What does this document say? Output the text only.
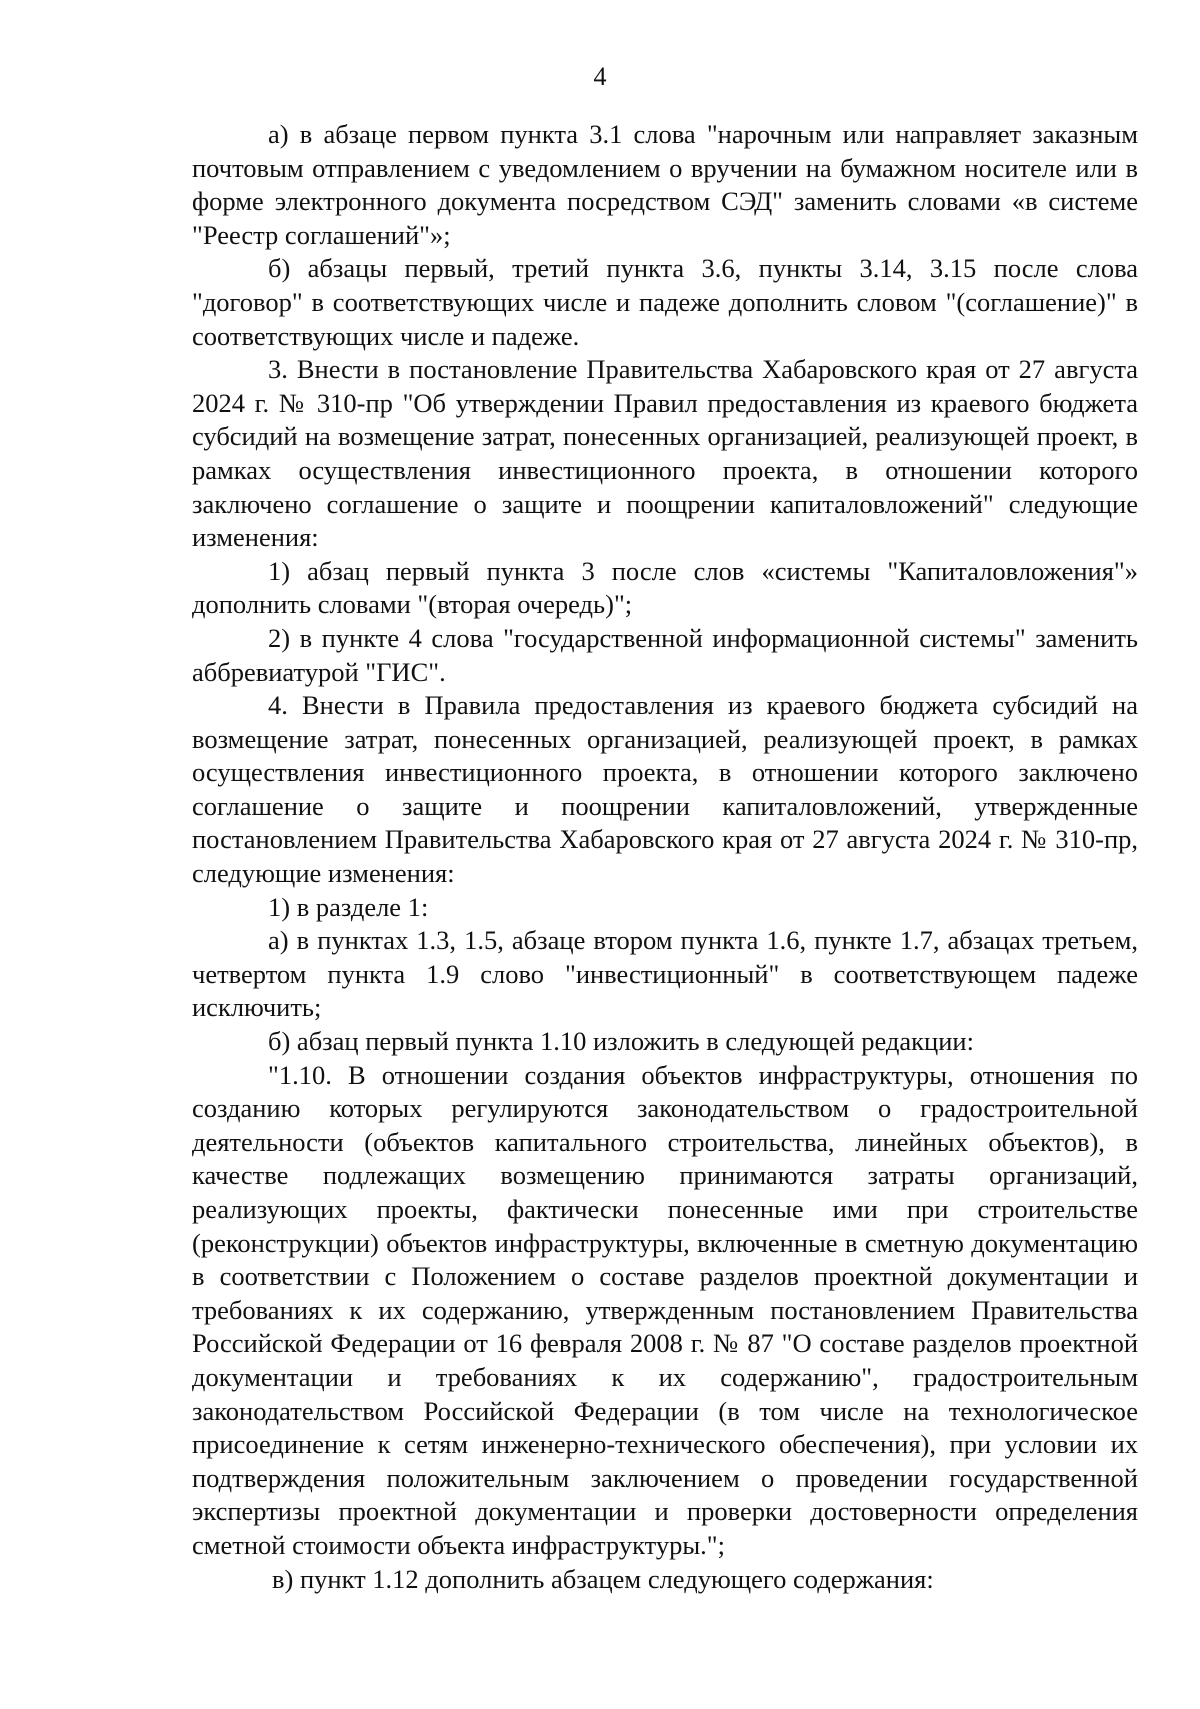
4

а) в абзаце первом пункта 3.1 слова "нарочным или направляет заказным почтовым отправлением с уведомлением о вручении на бумажном носителе или в форме электронного документа посредством СЭД" заменить словами «в системе "Реестр соглашений"»;

б) абзацы первый, третий пункта 3.6, пункты 3.14, 3.15 после слова "договор" в соответствующих числе и падеже дополнить словом "(соглашение)" в соответствующих числе и падеже.

3. Внести в постановление Правительства Хабаровского края от 27 августа 2024 г. № 310-пр "Об утверждении Правил предоставления из краевого бюджета субсидий на возмещение затрат, понесенных организацией, реализующей проект, в рамках осуществления инвестиционного проекта, в отношении которого заключено соглашение о защите и поощрении капиталовложений" следующие изменения:

1) абзац первый пункта 3 после слов «системы "Капиталовложения"» дополнить словами "(вторая очередь)";

2) в пункте 4 слова "государственной информационной системы" заменить аббревиатурой "ГИС".

4. Внести в Правила предоставления из краевого бюджета субсидий на возмещение затрат, понесенных организацией, реализующей проект, в рамках осуществления инвестиционного проекта, в отношении которого заключено соглашение о защите и поощрении капиталовложений, утвержденные постановлением Правительства Хабаровского края от 27 августа 2024 г. № 310-пр, следующие изменения:

1) в разделе 1:

а) в пунктах 1.3, 1.5, абзаце втором пункта 1.6, пункте 1.7, абзацах третьем, четвертом пункта 1.9 слово "инвестиционный" в соответствующем падеже исключить;

б) абзац первый пункта 1.10 изложить в следующей редакции:

"1.10. В отношении создания объектов инфраструктуры, отношения по созданию которых регулируются законодательством о градостроительной деятельности (объектов капитального строительства, линейных объектов), в качестве подлежащих возмещению принимаются затраты организаций, реализующих проекты, фактически понесенные ими при строительстве (реконструкции) объектов инфраструктуры, включенные в сметную документацию в соответствии с Положением о составе разделов проектной документации и требованиях к их содержанию, утвержденным постановлением Правительства Российской Федерации от 16 февраля 2008 г. № 87 "О составе разделов проектной документации и требованиях к их содержанию", градостроительным законодательством Российской Федерации (в том числе на технологическое присоединение к сетям инженерно-технического обеспечения), при условии их подтверждения положительным заключением о проведении государственной экспертизы проектной документации и проверки достоверности определения сметной стоимости объекта инфраструктуры.";

в) пункт 1.12 дополнить абзацем следующего содержания:
